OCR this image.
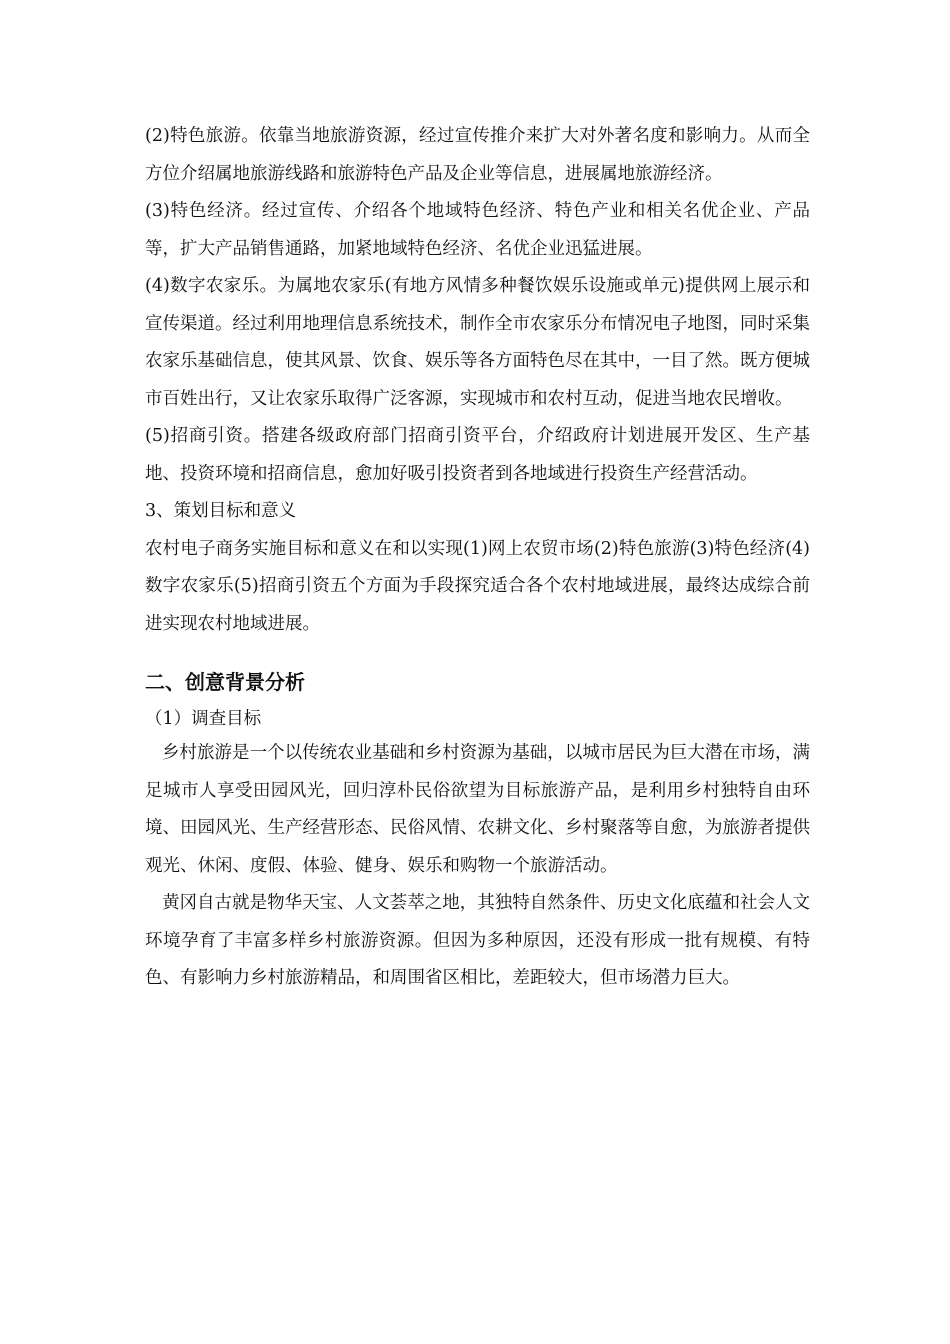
(2)特色旅游。依靠当地旅游资源，经过宣传推介来扩大对外著名度和影响力。从而全方位介绍属地旅游线路和旅游特色产品及企业等信息，进展属地旅游经济。

(3)特色经济。经过宣传、介绍各个地域特色经济、特色产业和相关名优企业、产品等，扩大产品销售通路，加紧地域特色经济、名优企业迅猛进展。

(4)数字农家乐。为属地农家乐(有地方风情多种餐饮娱乐设施或单元)提供网上展示和宣传渠道。经过利用地理信息系统技术，制作全市农家乐分布情况电子地图，同时采集农家乐基础信息，使其风景、饮食、娱乐等各方面特色尽在其中，一目了然。既方便城市百姓出行，又让农家乐取得广泛客源，实现城市和农村互动，促进当地农民增收。

(5)招商引资。搭建各级政府部门招商引资平台，介绍政府计划进展开发区、生产基地、投资环境和招商信息，愈加好吸引投资者到各地域进行投资生产经营活动。

3、策划目标和意义

农村电子商务实施目标和意义在和以实现(1)网上农贸市场(2)特色旅游(3)特色经济(4)数字农家乐(5)招商引资五个方面为手段探究适合各个农村地域进展，最终达成综合前进实现农村地域进展。

二、创意背景分析

（1）调查目标

乡村旅游是一个以传统农业基础和乡村资源为基础，以城市居民为巨大潜在市场，满足城市人享受田园风光，回归淳朴民俗欲望为目标旅游产品，是利用乡村独特自由环境、田园风光、生产经营形态、民俗风情、农耕文化、乡村聚落等自愈，为旅游者提供观光、休闲、度假、体验、健身、娱乐和购物一个旅游活动。

黄冈自古就是物华天宝、人文荟萃之地，其独特自然条件、历史文化底蕴和社会人文环境孕育了丰富多样乡村旅游资源。但因为多种原因，还没有形成一批有规模、有特色、有影响力乡村旅游精品，和周围省区相比，差距较大，但市场潜力巨大。
